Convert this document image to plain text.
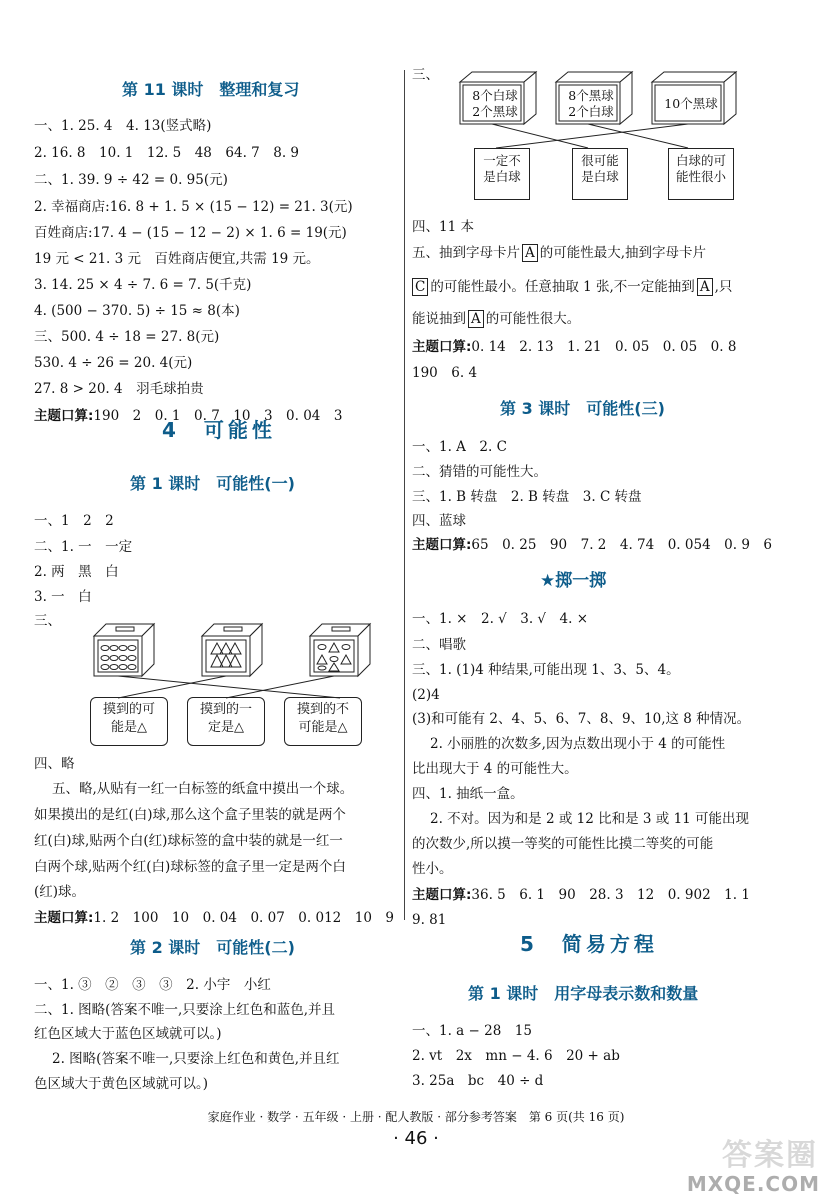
第 11 课时　整理和复习
一、1. 25. 4　4. 13(竖式略)
2. 16. 8　10. 1　12. 5　48　64. 7　8. 9
二、1. 39. 9 ÷ 42 = 0. 95(元)
2. 幸福商店:16. 8 + 1. 5 × (15 − 12) = 21. 3(元)
百姓商店:17. 4 − (15 − 12 − 2) × 1. 6 = 19(元)
19 元 < 21. 3 元　百姓商店便宜,共需 19 元。
3. 14. 25 × 4 ÷ 7. 6 = 7. 5(千克)
4. (500 − 370. 5) ÷ 15 ≈ 8(本)
三、500. 4 ÷ 18 = 27. 8(元)
530. 4 ÷ 26 = 20. 4(元)
27. 8 > 20. 4　羽毛球拍贵
主题口算:190　2　0. 1　0. 7　10　3　0. 04　3
4　可能性
第 1 课时　可能性(一)
一、1　2　2
二、1. 一　一定
2. 两　黑　白
3. 一　白
三、
摸到的可
能是△
摸到的一
定是△
摸到的不
可能是△
四、略
五、略,从贴有一红一白标签的纸盒中摸出一个球。
如果摸出的是红(白)球,那么这个盒子里装的就是两个
红(白)球,贴两个白(红)球标签的盒中装的就是一红一
白两个球,贴两个红(白)球标签的盒子里一定是两个白
(红)球。
主题口算:1. 2　100　10　0. 04　0. 07　0. 012　10　9
第 2 课时　可能性(二)
一、1. ③　②　③　③　2. 小宇　小红
二、1. 图略(答案不唯一,只要涂上红色和蓝色,并且
红色区域大于蓝色区域就可以。)
2. 图略(答案不唯一,只要涂上红色和黄色,并且红
色区域大于黄色区域就可以。)
三、
8个白球
2个黑球
8个黑球
2个白球
10个黑球
一定不
是白球
很可能
是白球
白球的可
能性很小
四、11 本
五、抽到字母卡片 A 的可能性最大,抽到字母卡片
C 的可能性最小。任意抽取 1 张,不一定能抽到 A ,只
能说抽到 A 的可能性很大。
主题口算:0. 14　2. 13　1. 21　0. 05　0. 05　0. 8
190　6. 4
第 3 课时　可能性(三)
一、1. A　2. C
二、猜错的可能性大。
三、1. B 转盘　2. B 转盘　3. C 转盘
四、蓝球
主题口算:65　0. 25　90　7. 2　4. 74　0. 054　0. 9　6
★掷一掷
一、1. ×　2. √　3. √　4. ×
二、唱歌
三、1. (1)4 种结果,可能出现 1、3、5、4。
(2)4
(3)和可能有 2、4、5、6、7、8、9、10,这 8 种情况。
2. 小丽胜的次数多,因为点数出现小于 4 的可能性
比出现大于 4 的可能性大。
四、1. 抽纸一盒。
2. 不对。因为和是 2 或 12 比和是 3 或 11 可能出现
的次数少,所以摸一等奖的可能性比摸二等奖的可能
性小。
主题口算:36. 5　6. 1　90　28. 3　12　0. 902　1. 1
9. 81
5　简易方程
第 1 课时　用字母表示数和数量
一、1. a − 28　15
2. vt　2x　mn − 4. 6　20 + ab
3. 25a　bc　40 ÷ d
家庭作业 · 数学 · 五年级 · 上册 · 配人教版 · 部分参考答案　第 6 页(共 16 页)
· 46 ·	答案圈
MXQE.COM
